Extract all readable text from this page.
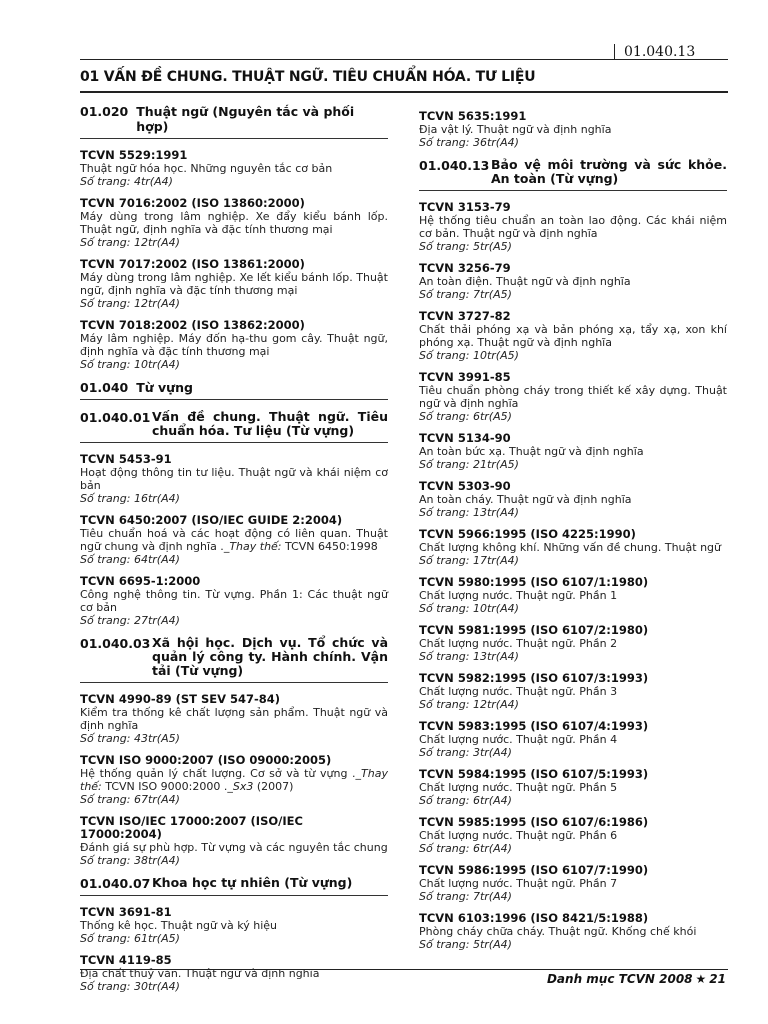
01.040.13
01 VẤN ĐỀ CHUNG. THUẬT NGỮ. TIÊU CHUẨN HÓA. TƯ LIỆU
01.020 Thuật ngữ (Nguyên tắc và phối hợp)
TCVN 5529:1991
Thuật ngữ hóa học. Những nguyên tắc cơ bản
Số trang: 4tr(A4)
TCVN 7016:2002 (ISO 13860:2000)
Máy dùng trong lâm nghiệp. Xe đẩy kiểu bánh lốp. Thuật ngữ, định nghĩa và đặc tính thương mại
Số trang: 12tr(A4)
TCVN 7017:2002 (ISO 13861:2000)
Máy dùng trong lâm nghiệp. Xe lết kiểu bánh lốp. Thuật ngữ, định nghĩa và đặc tính thương mại
Số trang: 12tr(A4)
TCVN 7018:2002 (ISO 13862:2000)
Máy lâm nghiệp. Máy đốn hạ-thu gom cây. Thuật ngữ, định nghĩa và đặc tính thương mại
Số trang: 10tr(A4)
01.040 Từ vựng
01.040.01 Vấn đề chung. Thuật ngữ. Tiêu chuẩn hóa. Tư liệu (Từ vựng)
TCVN 5453-91
Hoạt động thông tin tư liệu. Thuật ngữ và khái niệm cơ bản
Số trang: 16tr(A4)
TCVN 6450:2007 (ISO/IEC GUIDE 2:2004)
Tiêu chuẩn hoá và các hoạt động có liên quan. Thuật ngữ chung và định nghĩa ._Thay thế: TCVN 6450:1998
Số trang: 64tr(A4)
TCVN 6695-1:2000
Công nghệ thông tin. Từ vựng. Phần 1: Các thuật ngữ cơ bản
Số trang: 27tr(A4)
01.040.03 Xã hội học. Dịch vụ. Tổ chức và quản lý công ty. Hành chính. Vận tải (Từ vựng)
TCVN 4990-89 (ST SEV 547-84)
Kiểm tra thống kê chất lượng sản phẩm. Thuật ngữ và định nghĩa
Số trang: 43tr(A5)
TCVN ISO 9000:2007 (ISO 09000:2005)
Hệ thống quản lý chất lượng. Cơ sở và từ vựng ._Thay thế: TCVN ISO 9000:2000 ._Sx3 (2007)
Số trang: 67tr(A4)
TCVN ISO/IEC 17000:2007 (ISO/IEC 17000:2004)
Đánh giá sự phù hợp. Từ vựng và các nguyên tắc chung
Số trang: 38tr(A4)
01.040.07 Khoa học tự nhiên (Từ vựng)
TCVN 3691-81
Thống kê học. Thuật ngữ và ký hiệu
Số trang: 61tr(A5)
TCVN 4119-85
Địa chất thuỷ văn. Thuật ngữ và định nghĩa
Số trang: 30tr(A4)
TCVN 5635:1991
Địa vật lý. Thuật ngữ và định nghĩa
Số trang: 36tr(A4)
01.040.13 Bảo vệ môi trường và sức khỏe. An toàn (Từ vựng)
TCVN 3153-79
Hệ thống tiêu chuẩn an toàn lao động. Các khái niệm cơ bản. Thuật ngữ và định nghĩa
Số trang: 5tr(A5)
TCVN 3256-79
An toàn điện. Thuật ngữ và định nghĩa
Số trang: 7tr(A5)
TCVN 3727-82
Chất thải phóng xạ và bản phóng xạ, tẩy xạ, xon khí phóng xạ. Thuật ngữ và định nghĩa
Số trang: 10tr(A5)
TCVN 3991-85
Tiêu chuẩn phòng cháy trong thiết kế xây dựng. Thuật ngữ và định nghĩa
Số trang: 6tr(A5)
TCVN 5134-90
An toàn bức xạ. Thuật ngữ và định nghĩa
Số trang: 21tr(A5)
TCVN 5303-90
An toàn cháy. Thuật ngữ và định nghĩa
Số trang: 13tr(A4)
TCVN 5966:1995 (ISO 4225:1990)
Chất lượng không khí. Những vấn đề chung. Thuật ngữ
Số trang: 17tr(A4)
TCVN 5980:1995 (ISO 6107/1:1980)
Chất lượng nước. Thuật ngữ. Phần 1
Số trang: 10tr(A4)
TCVN 5981:1995 (ISO 6107/2:1980)
Chất lượng nước. Thuật ngữ. Phần 2
Số trang: 13tr(A4)
TCVN 5982:1995 (ISO 6107/3:1993)
Chất lượng nước. Thuật ngữ. Phần 3
Số trang: 12tr(A4)
TCVN 5983:1995 (ISO 6107/4:1993)
Chất lượng nước. Thuật ngữ. Phần 4
Số trang: 3tr(A4)
TCVN 5984:1995 (ISO 6107/5:1993)
Chất lượng nước. Thuật ngữ. Phần 5
Số trang: 6tr(A4)
TCVN 5985:1995 (ISO 6107/6:1986)
Chất lượng nước. Thuật ngữ. Phần 6
Số trang: 6tr(A4)
TCVN 5986:1995 (ISO 6107/7:1990)
Chất lượng nước. Thuật ngữ. Phần 7
Số trang: 7tr(A4)
TCVN 6103:1996 (ISO 8421/5:1988)
Phòng cháy chữa cháy. Thuật ngữ. Khống chế khói
Số trang: 5tr(A4)
Danh mục TCVN 2008 ★ 21
